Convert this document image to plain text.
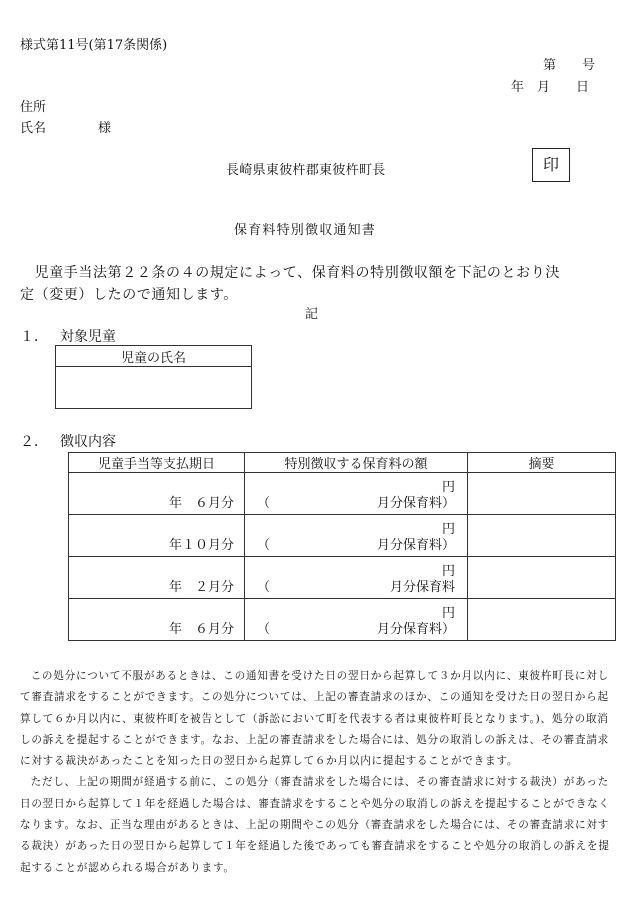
様式第11号(第17条関係)
第　　号
年　月　　日
住所
氏名　　　　様
長崎県東彼杵郡東彼杵町長	印
保育料特別徴収通知書
　児童手当法第２２条の４の規定によって、保育料の特別徴収額を下記のとおり決
定（変更）したので通知します。
記
１． 対象児童
児童の氏名

２． 徴収内容
児童手当等支払期日	特別徴収する保育料の額	摘要

年　６月分	円
（ 月分保育料）	

年１０月分	円
（ 月分保育料）	

年　２月分	円
（ 月分保育料	

年　６月分	円
（ 月分保育料）	

この処分について不服があるときは、この通知書を受けた日の翌日から起算して３か月以内に、東彼杵町長に対して審査請求をすることができます。この処分については、上記の審査請求のほか、この通知を受けた日の翌日から起算して６か月以内に、東彼杵町を被告として（訴訟において町を代表する者は東彼杵町長となります。)、処分の取消しの訴えを提起することができます。なお、上記の審査請求をした場合には、処分の取消しの訴えは、その審査請求に対する裁決があったことを知った日の翌日から起算して６か月以内に提起することができます。

ただし、上記の期間が経過する前に、この処分（審査請求をした場合には、その審査請求に対する裁決）があった日の翌日から起算して１年を経過した場合は、審査請求をすることや処分の取消しの訴えを提起することができなくなります。なお、正当な理由があるときは、上記の期間やこの処分（審査請求をした場合には、その審査請求に対する裁決）があった日の翌日から起算して１年を経過した後であっても審査請求をすることや処分の取消しの訴えを提起することが認められる場合があります。
